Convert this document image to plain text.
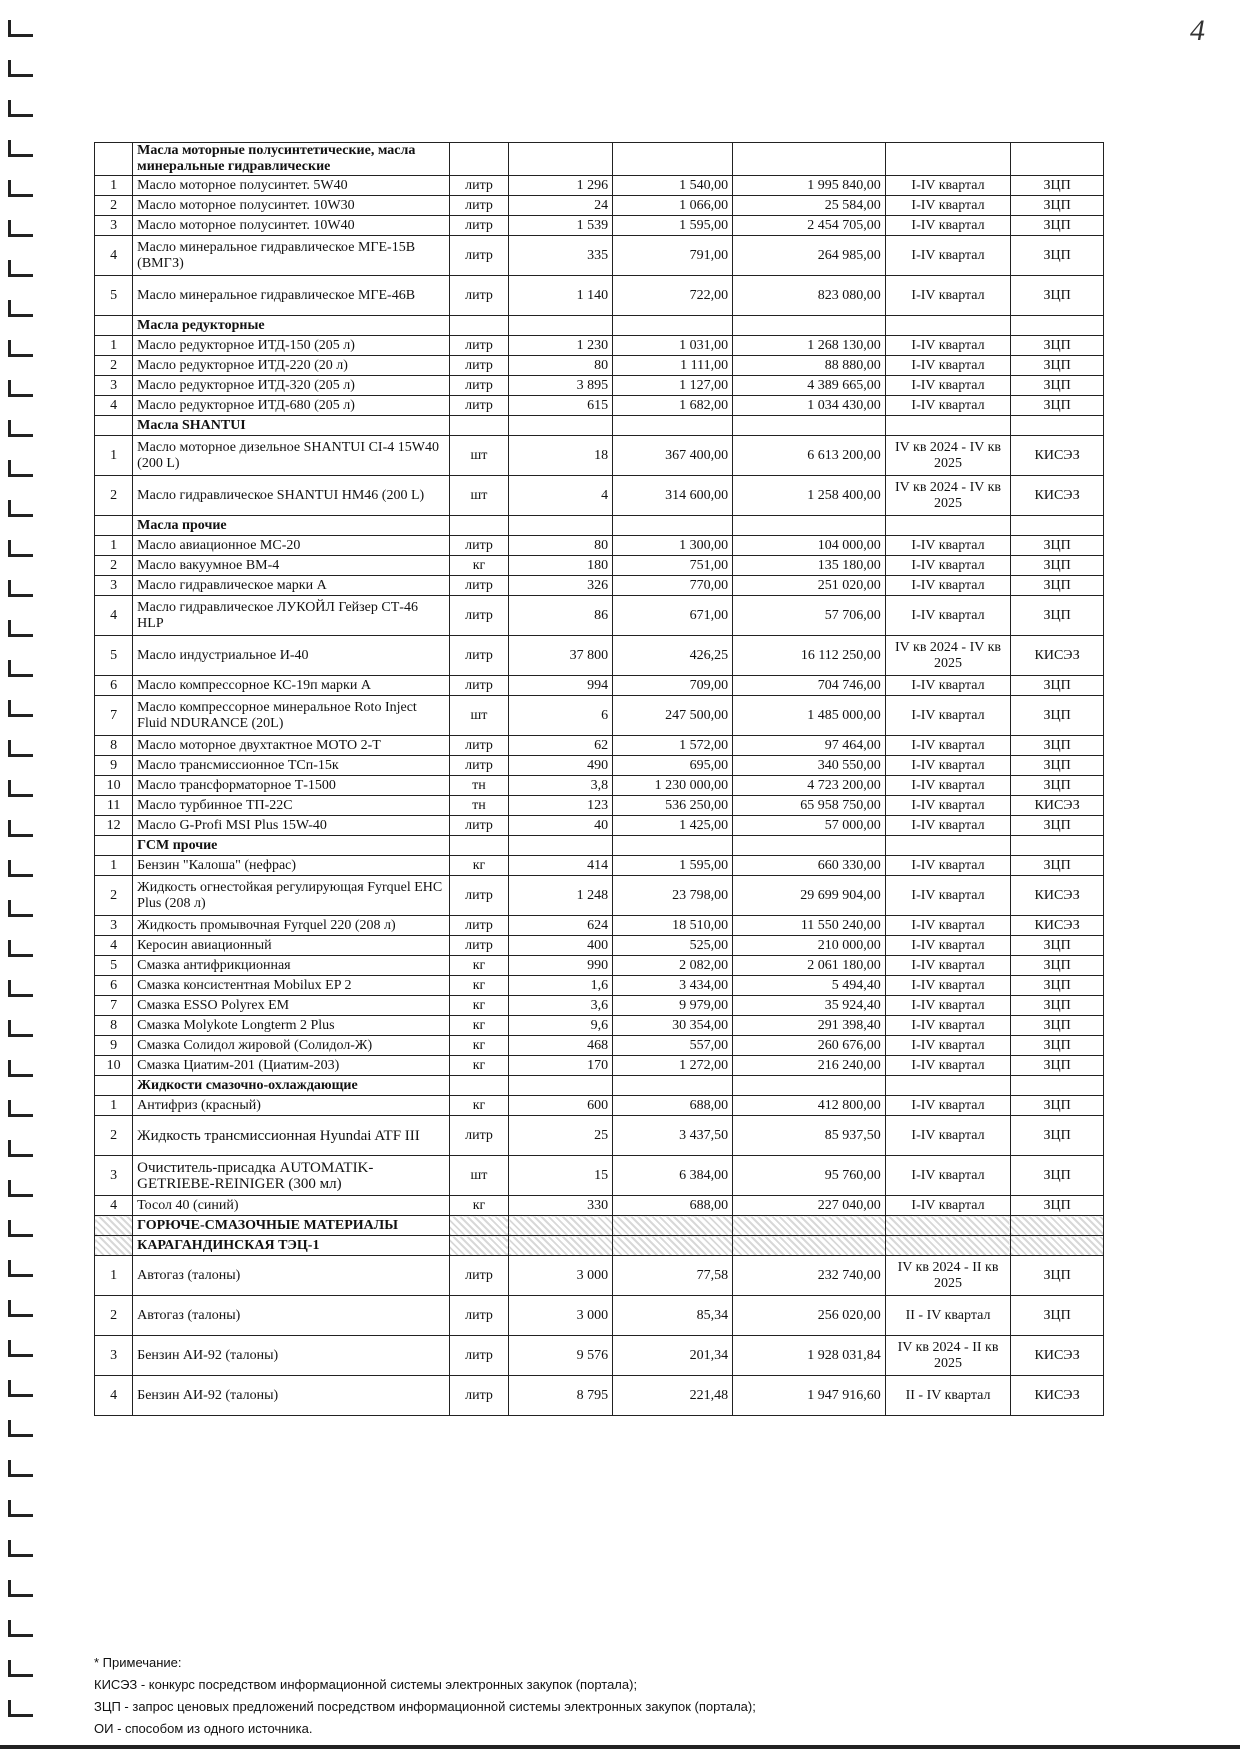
4
	Масла моторные полусинтетические, масла минеральные гидравлические						
1	Масло моторное полусинтет. 5W40	литр	1 296	1 540,00	1 995 840,00	I-IV квартал	ЗЦП
2	Масло моторное полусинтет. 10W30	литр	24	1 066,00	25 584,00	I-IV квартал	ЗЦП
3	Масло моторное полусинтет. 10W40	литр	1 539	1 595,00	2 454 705,00	I-IV квартал	ЗЦП
4	Масло минеральное гидравлическое МГЕ-15В (ВМГЗ)	литр	335	791,00	264 985,00	I-IV квартал	ЗЦП
5	Масло минеральное гидравлическое МГЕ-46В	литр	1 140	722,00	823 080,00	I-IV квартал	ЗЦП
	Масла редукторные						
1	Масло редукторное ИТД-150 (205 л)	литр	1 230	1 031,00	1 268 130,00	I-IV квартал	ЗЦП
2	Масло редукторное ИТД-220 (20 л)	литр	80	1 111,00	88 880,00	I-IV квартал	ЗЦП
3	Масло редукторное ИТД-320 (205 л)	литр	3 895	1 127,00	4 389 665,00	I-IV квартал	ЗЦП
4	Масло редукторное ИТД-680 (205 л)	литр	615	1 682,00	1 034 430,00	I-IV квартал	ЗЦП
	Масла SHANTUI						
1	Масло моторное дизельное SHANTUI CI-4 15W40 (200 L)	шт	18	367 400,00	6 613 200,00	IV кв 2024 - IV кв 2025	КИСЭЗ
2	Масло гидравлическое SHANTUI HM46 (200 L)	шт	4	314 600,00	1 258 400,00	IV кв 2024 - IV кв 2025	КИСЭЗ
	Масла прочие						
1	Масло авиационное МС-20	литр	80	1 300,00	104 000,00	I-IV квартал	ЗЦП
2	Масло вакуумное ВМ-4	кг	180	751,00	135 180,00	I-IV квартал	ЗЦП
3	Масло гидравлическое марки А	литр	326	770,00	251 020,00	I-IV квартал	ЗЦП
4	Масло гидравлическое ЛУКОЙЛ Гейзер СТ-46 HLP	литр	86	671,00	57 706,00	I-IV квартал	ЗЦП
5	Масло индустриальное И-40	литр	37 800	426,25	16 112 250,00	IV кв 2024 - IV кв 2025	КИСЭЗ
6	Масло компрессорное КС-19п марки А	литр	994	709,00	704 746,00	I-IV квартал	ЗЦП
7	Масло компрессорное минеральное Roto Inject Fluid NDURANCE (20L)	шт	6	247 500,00	1 485 000,00	I-IV квартал	ЗЦП
8	Масло моторное двухтактное МОТО 2-Т	литр	62	1 572,00	97 464,00	I-IV квартал	ЗЦП
9	Масло трансмиссионное ТСп-15к	литр	490	695,00	340 550,00	I-IV квартал	ЗЦП
10	Масло трансформаторное Т-1500	тн	3,8	1 230 000,00	4 723 200,00	I-IV квартал	ЗЦП
11	Масло турбинное ТП-22С	тн	123	536 250,00	65 958 750,00	I-IV квартал	КИСЭЗ
12	Масло G-Profi MSI Plus 15W-40	литр	40	1 425,00	57 000,00	I-IV квартал	ЗЦП
	ГСМ прочие						
1	Бензин "Калоша" (нефрас)	кг	414	1 595,00	660 330,00	I-IV квартал	ЗЦП
2	Жидкость огнестойкая регулирующая Fyrquel EHC Plus (208 л)	литр	1 248	23 798,00	29 699 904,00	I-IV квартал	КИСЭЗ
3	Жидкость промывочная Fyrquel 220 (208 л)	литр	624	18 510,00	11 550 240,00	I-IV квартал	КИСЭЗ
4	Керосин авиационный	литр	400	525,00	210 000,00	I-IV квартал	ЗЦП
5	Смазка антифрикционная	кг	990	2 082,00	2 061 180,00	I-IV квартал	ЗЦП
6	Смазка консистентная Mobilux EP 2	кг	1,6	3 434,00	5 494,40	I-IV квартал	ЗЦП
7	Смазка ESSO Polyrex EM	кг	3,6	9 979,00	35 924,40	I-IV квартал	ЗЦП
8	Смазка Molykote Longterm 2 Plus	кг	9,6	30 354,00	291 398,40	I-IV квартал	ЗЦП
9	Смазка Солидол жировой (Солидол-Ж)	кг	468	557,00	260 676,00	I-IV квартал	ЗЦП
10	Смазка Циатим-201 (Циатим-203)	кг	170	1 272,00	216 240,00	I-IV квартал	ЗЦП
	Жидкости смазочно-охлаждающие						
1	Антифриз (красный)	кг	600	688,00	412 800,00	I-IV квартал	ЗЦП
2	Жидкость трансмиссионная Hyundai ATF III	литр	25	3 437,50	85 937,50	I-IV квартал	ЗЦП
3	Очиститель-присадка AUTOMATIK-GETRIEBE-REINIGER (300 мл)	шт	15	6 384,00	95 760,00	I-IV квартал	ЗЦП
4	Тосол 40 (синий)	кг	330	688,00	227 040,00	I-IV квартал	ЗЦП
	ГОРЮЧЕ-СМАЗОЧНЫЕ МАТЕРИАЛЫ						
	КАРАГАНДИНСКАЯ ТЭЦ-1						
1	Автогаз (талоны)	литр	3 000	77,58	232 740,00	IV кв 2024 - II кв 2025	ЗЦП
2	Автогаз (талоны)	литр	3 000	85,34	256 020,00	II - IV квартал	ЗЦП
3	Бензин АИ-92 (талоны)	литр	9 576	201,34	1 928 031,84	IV кв 2024 - II кв 2025	КИСЭЗ
4	Бензин АИ-92 (талоны)	литр	8 795	221,48	1 947 916,60	II - IV квартал	КИСЭЗ
* Примечание:
КИСЭЗ - конкурс посредством информационной системы электронных закупок (портала);
ЗЦП - запрос ценовых предложений посредством информационной системы электронных закупок (портала);
ОИ - способом из одного источника.
